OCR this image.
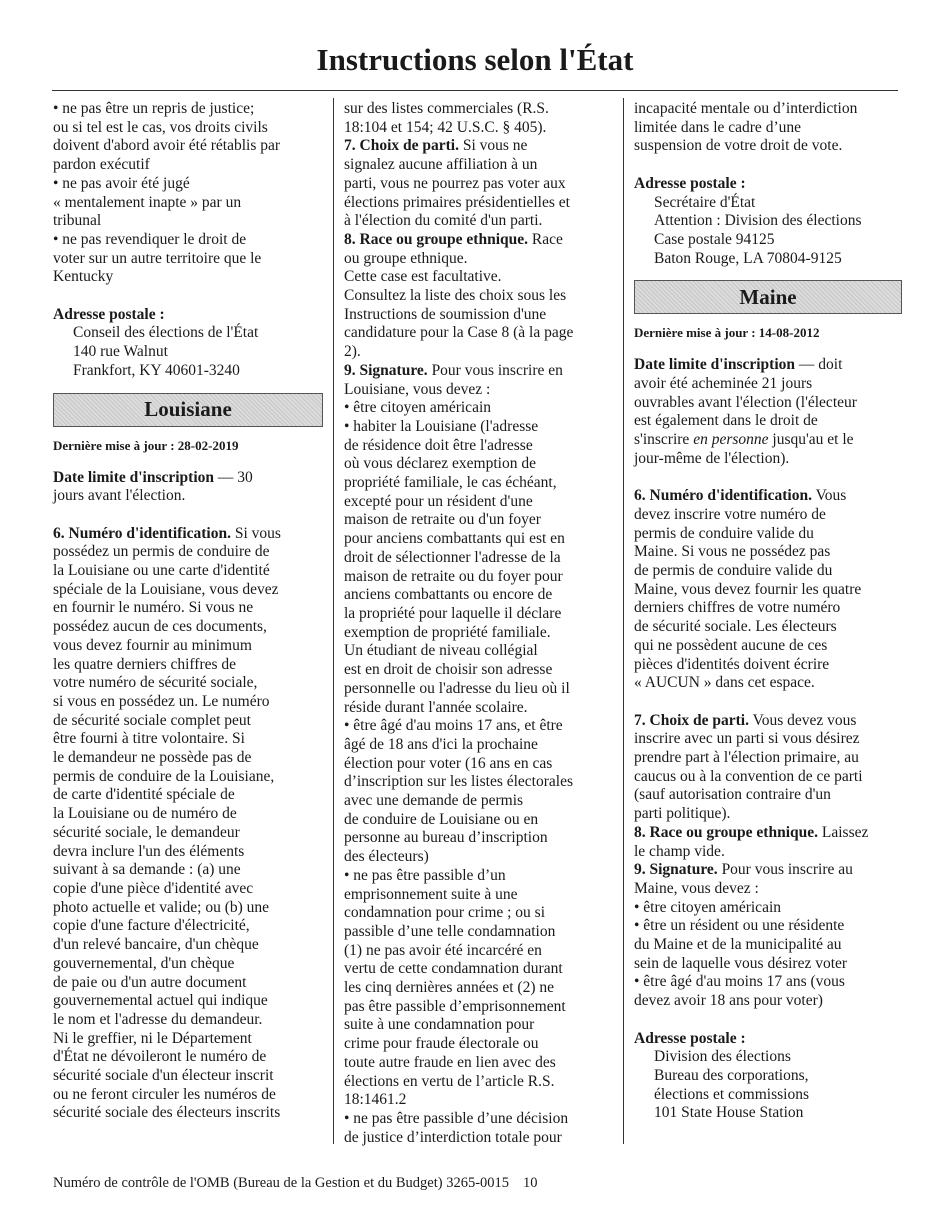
Instructions selon l'État
• ne pas être un repris de justice;
ou si tel est le cas, vos droits civils
doivent d'abord avoir été rétablis par
pardon exécutif
• ne pas avoir été jugé
« mentalement inapte » par un
tribunal
• ne pas revendiquer le droit de
voter sur un autre territoire que le
Kentucky
Adresse postale :
Conseil des élections de l'État
140 rue Walnut
Frankfort, KY 40601-3240
Louisiane
Dernière mise à jour : 28-02-2019
Date limite d'inscription — 30
jours avant l'élection.
6. Numéro d'identification. Si vous
possédez un permis de conduire de
la Louisiane ou une carte d'identité
spéciale de la Louisiane, vous devez
en fournir le numéro. Si vous ne
possédez aucun de ces documents,
vous devez fournir au minimum
les quatre derniers chiffres de
votre numéro de sécurité sociale,
si vous en possédez un. Le numéro
de sécurité sociale complet peut
être fourni à titre volontaire. Si
le demandeur ne possède pas de
permis de conduire de la Louisiane,
de carte d'identité spéciale de
la Louisiane ou de numéro de
sécurité sociale, le demandeur
devra inclure l'un des éléments
suivant à sa demande : (a) une
copie d'une pièce d'identité avec
photo actuelle et valide; ou (b) une
copie d'une facture d'électricité,
d'un relevé bancaire, d'un chèque
gouvernemental, d'un chèque
de paie ou d'un autre document
gouvernemental actuel qui indique
le nom et l'adresse du demandeur.
Ni le greffier, ni le Département
d'État ne dévoileront le numéro de
sécurité sociale d'un électeur inscrit
ou ne feront circuler les numéros de
sécurité sociale des électeurs inscrits
sur des listes commerciales (R.S.
18:104 et 154; 42 U.S.C. § 405).
7. Choix de parti. Si vous ne
signalez aucune affiliation à un
parti, vous ne pourrez pas voter aux
élections primaires présidentielles et
à l'élection du comité d'un parti.
8. Race ou groupe ethnique. Race
ou groupe ethnique.
Cette case est facultative.
Consultez la liste des choix sous les
Instructions de soumission d'une
candidature pour la Case 8 (à la page
2).
9. Signature. Pour vous inscrire en
Louisiane, vous devez :
• être citoyen américain
• habiter la Louisiane (l'adresse
de résidence doit être l'adresse
où vous déclarez exemption de
propriété familiale, le cas échéant,
excepté pour un résident d'une
maison de retraite ou d'un foyer
pour anciens combattants qui est en
droit de sélectionner l'adresse de la
maison de retraite ou du foyer pour
anciens combattants ou encore de
la propriété pour laquelle il déclare
exemption de propriété familiale.
Un étudiant de niveau collégial
est en droit de choisir son adresse
personnelle ou l'adresse du lieu où il
réside durant l'année scolaire.
• être âgé d'au moins 17 ans, et être
âgé de 18 ans d'ici la prochaine
élection pour voter (16 ans en cas
d’inscription sur les listes électorales
avec une demande de permis
de conduire de Louisiane ou en
personne au bureau d’inscription
des électeurs)
• ne pas être passible d’un
emprisonnement suite à une
condamnation pour crime ; ou si
passible d’une telle condamnation
(1) ne pas avoir été incarcéré en
vertu de cette condamnation durant
les cinq dernières années et (2) ne
pas être passible d’emprisonnement
suite à une condamnation pour
crime pour fraude électorale ou
toute autre fraude en lien avec des
élections en vertu de l’article R.S.
18:1461.2
• ne pas être passible d’une décision
de justice d’interdiction totale pour
incapacité mentale ou d’interdiction
limitée dans le cadre d’une
suspension de votre droit de vote.
Adresse postale :
Secrétaire d'État
Attention : Division des élections
Case postale 94125
Baton Rouge, LA 70804-9125
Maine
Dernière mise à jour : 14-08-2012
Date limite d'inscription — doit
avoir été acheminée 21 jours
ouvrables avant l'élection (l'électeur
est également dans le droit de
s'inscrire en personne jusqu'au et le
jour-même de l'élection).
6. Numéro d'identification. Vous
devez inscrire votre numéro de
permis de conduire valide du
Maine. Si vous ne possédez pas
de permis de conduire valide du
Maine, vous devez fournir les quatre
derniers chiffres de votre numéro
de sécurité sociale. Les électeurs
qui ne possèdent aucune de ces
pièces d'identités doivent écrire
« AUCUN » dans cet espace.
7. Choix de parti. Vous devez vous
inscrire avec un parti si vous désirez
prendre part à l'élection primaire, au
caucus ou à la convention de ce parti
(sauf autorisation contraire d'un
parti politique).
8. Race ou groupe ethnique. Laissez
le champ vide.
9. Signature. Pour vous inscrire au
Maine, vous devez :
• être citoyen américain
• être un résident ou une résidente
du Maine et de la municipalité au
sein de laquelle vous désirez voter
• être âgé d'au moins 17 ans (vous
devez avoir 18 ans pour voter)
Adresse postale :
Division des élections
Bureau des corporations,
élections et commissions
101 State House Station
Numéro de contrôle de l'OMB (Bureau de la Gestion et du Budget) 3265-0015 10
